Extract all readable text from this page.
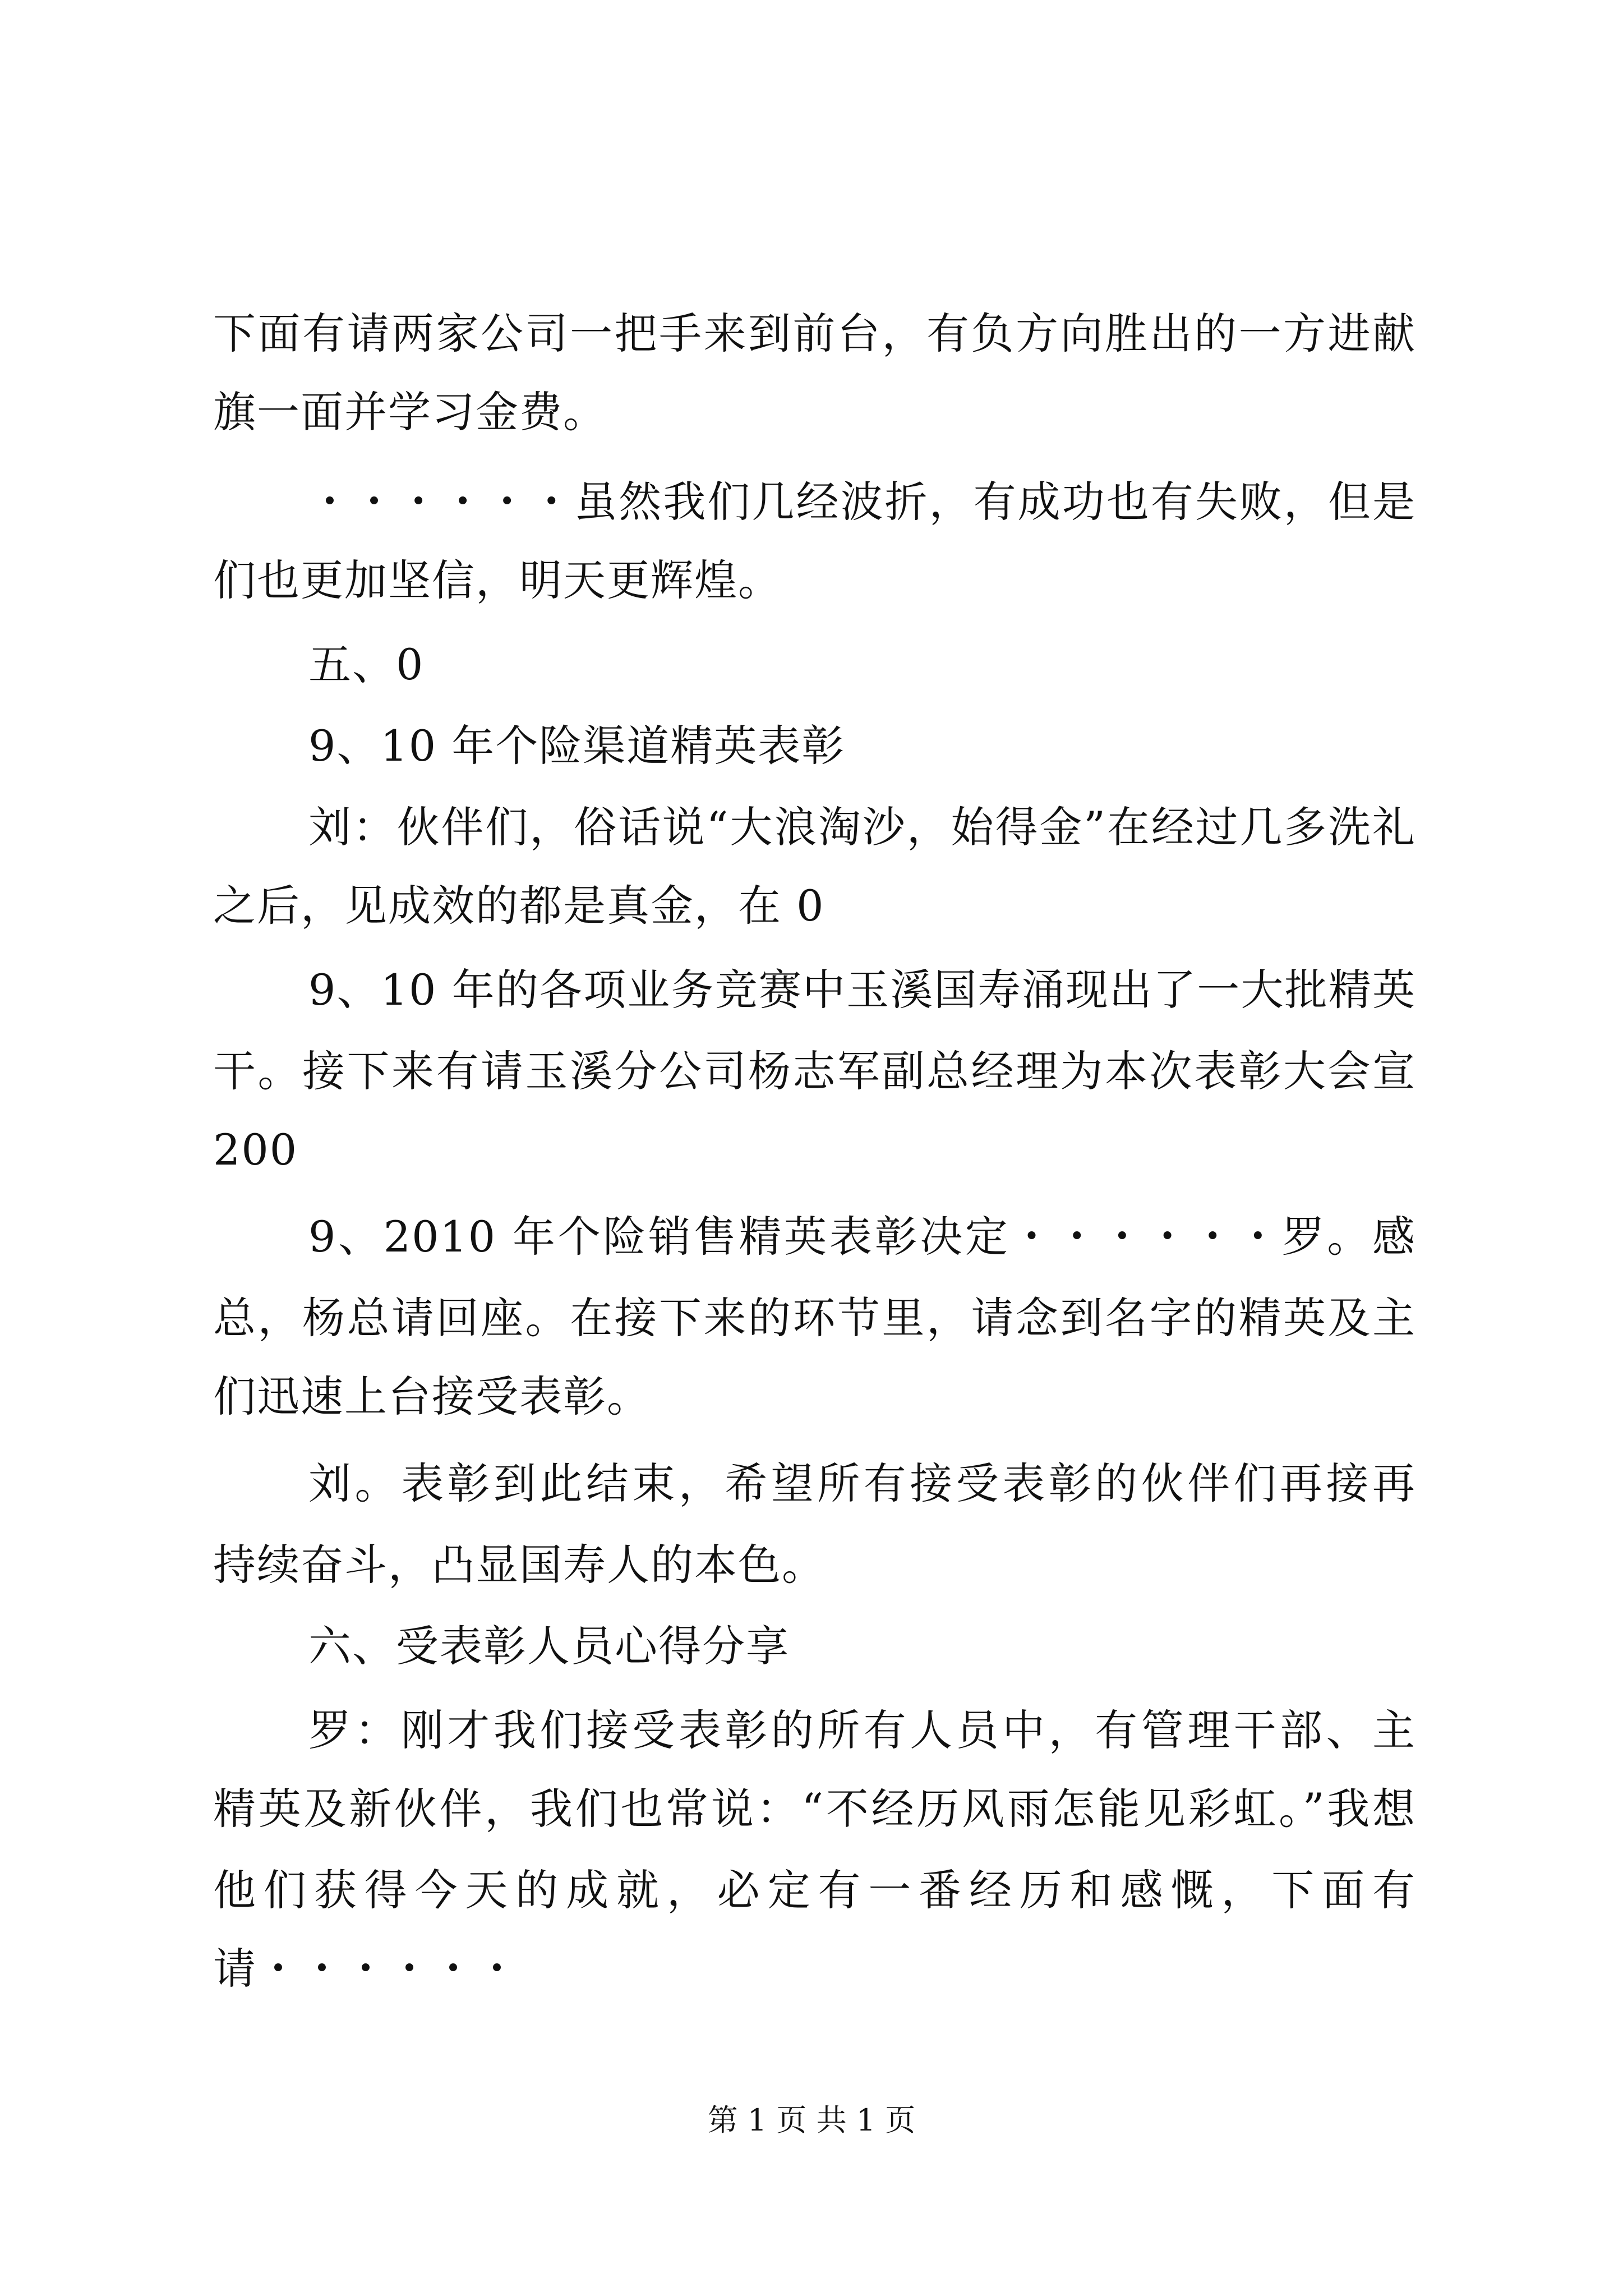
下面有请两家公司一把手来到前台，有负方向胜出的一方进献
旗一面并学习金费。
・・・・・・虽然我们几经波折，有成功也有失败，但是
们也更加坚信，明天更辉煌。
五、0
9、10 年个险渠道精英表彰
刘：伙伴们，俗话说“大浪淘沙，始得金”在经过几多洗礼
之后，见成效的都是真金，在 0
9、10 年的各项业务竞赛中玉溪国寿涌现出了一大批精英
干。接下来有请玉溪分公司杨志军副总经理为本次表彰大会宣
200
9、2010 年个险销售精英表彰决定・・・・・・罗。感
总，杨总请回座。在接下来的环节里，请念到名字的精英及主
们迅速上台接受表彰。
刘。表彰到此结束，希望所有接受表彰的伙伴们再接再
持续奋斗，凸显国寿人的本色。
六、受表彰人员心得分享
罗：刚才我们接受表彰的所有人员中，有管理干部、主
精英及新伙伴，我们也常说：“不经历风雨怎能见彩虹。”我想
他们获得今天的成就，必定有一番经历和感慨，下面有
请・・・・・・
第 1 页 共 1 页
